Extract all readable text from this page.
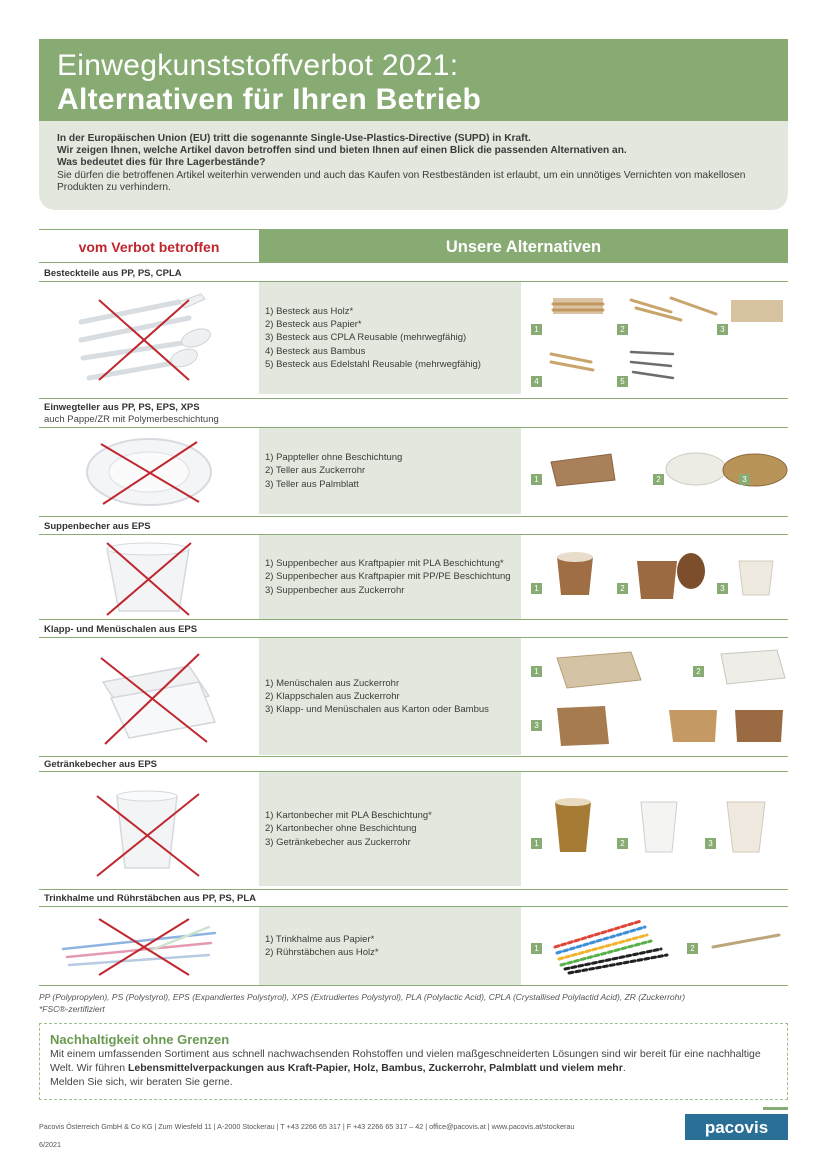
Einwegkunststoffverbot 2021:
Alternativen für Ihren Betrieb
In der Europäischen Union (EU) tritt die sogenannte Single-Use-Plastics-Directive (SUPD) in Kraft.
Wir zeigen Ihnen, welche Artikel davon betroffen sind und bieten Ihnen auf einen Blick die passenden Alternativen an.
Was bedeutet dies für Ihre Lagerbestände?
Sie dürfen die betroffenen Artikel weiterhin verwenden und auch das Kaufen von Restbeständen ist erlaubt, um ein unnötiges Vernichten von makellosen Produkten zu verhindern.
vom Verbot betroffen	Unsere Alternativen
Besteckteile aus PP, PS, CPLA
1) Besteck aus Holz*
2) Besteck aus Papier*
3) Besteck aus CPLA Reusable (mehrwegfähig)
4) Besteck aus Bambus
5) Besteck aus Edelstahl Reusable (mehrwegfähig)
1	2	3
4	5
Einwegteller aus PP, PS, EPS, XPS
auch Pappe/ZR mit Polymerbeschichtung
1) Pappteller ohne Beschichtung
2) Teller aus Zuckerrohr
3) Teller aus Palmblatt	1	2	3
Suppenbecher aus EPS
1) Suppenbecher aus Kraftpapier mit PLA Beschichtung*
2) Suppenbecher aus Kraftpapier mit PP/PE Beschichtung
3) Suppenbecher aus Zuckerrohr	1	2	3
Klapp- und Menüschalen aus EPS
1) Menüschalen aus Zuckerrohr
2) Klappschalen aus Zuckerrohr
3) Klapp- und Menüschalen aus Karton oder Bambus
1	2
3
Getränkebecher aus EPS
1) Kartonbecher mit PLA Beschichtung*
2) Kartonbecher ohne Beschichtung
3) Getränkebecher aus Zuckerrohr	1	2	3
Trinkhalme und Rührstäbchen aus PP, PS, PLA
1) Trinkhalme aus Papier*
2) Rührstäbchen aus Holz*	1	2
PP (Polypropylen), PS (Polystyrol), EPS (Expandiertes Polystyrol), XPS (Extrudiertes Polystyrol), PLA (Polylactic Acid), CPLA (Crystallised Polylactid Acid), ZR (Zuckerrohr)
*FSC®-zertifiziert
Nachhaltigkeit ohne Grenzen
Mit einem umfassenden Sortiment aus schnell nachwachsenden Rohstoffen und vielen maßgeschneiderten Lösungen sind wir bereit für eine nachhaltige Welt. Wir führen Lebensmittelverpackungen aus Kraft-Papier, Holz, Bambus, Zuckerrohr, Palmblatt und vielem mehr.
Melden Sie sich, wir beraten Sie gerne.
Pacovis Österreich GmbH & Co KG | Zum Wiesfeld 11 | A-2000 Stockerau | T +43 2266 65 317 | F +43 2266 65 317 – 42 | office@pacovis.at | www.pacovis.at/stockerau
6/2021
pacovis
